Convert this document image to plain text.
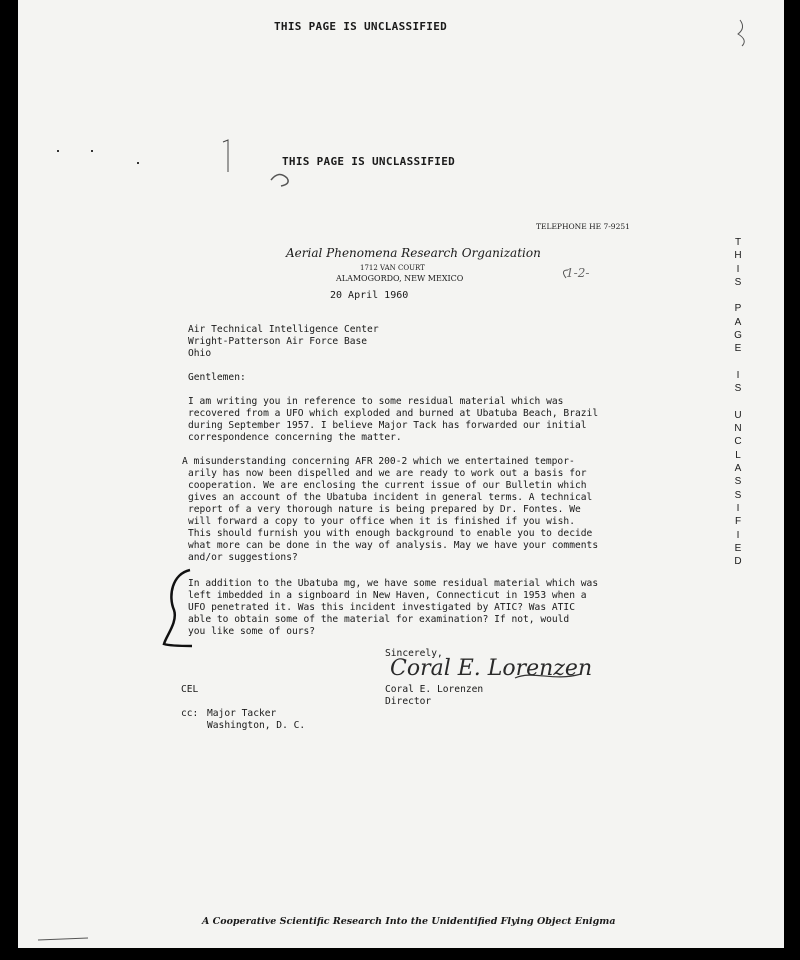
THIS PAGE IS UNCLASSIFIED
THIS PAGE IS UNCLASSIFIED
T
H
I
S
P
A
G
E
I
S
U
N
C
L
A
S
S
I
F
I
E
D
TELEPHONE HE 7-9251
Aerial Phenomena Research Organization
1712 VAN COURT
ALAMOGORDO, NEW MEXICO	1-2-
20 April 1960
Air Technical Intelligence Center
Wright-Patterson Air Force Base
Ohio
Gentlemen:
I am writing you in reference to some residual material which was
recovered from a UFO which exploded and burned at Ubatuba Beach, Brazil
during September 1957. I believe Major Tack has forwarded our initial
correspondence concerning the matter.
A misunderstanding concerning AFR 200-2 which we entertained tempor-
arily has now been dispelled and we are ready to work out a basis for
cooperation. We are enclosing the current issue of our Bulletin which
gives an account of the Ubatuba incident in general terms. A technical
report of a very thorough nature is being prepared by Dr. Fontes. We
will forward a copy to your office when it is finished if you wish.
This should furnish you with enough background to enable you to decide
what more can be done in the way of analysis. May we have your comments
and/or suggestions?
In addition to the Ubatuba mg, we have some residual material which was
left imbedded in a signboard in New Haven, Connecticut in 1953 when a
UFO penetrated it. Was this incident investigated by ATIC? Was ATIC
able to obtain some of the material for examination? If not, would
you like some of ours?
Sincerely,
Coral E. Lorenzen
Coral E. Lorenzen
Director
CEL
cc: Major Tacker
Washington, D. C.
A Cooperative Scientific Research Into the Unidentified Flying Object Enigma
